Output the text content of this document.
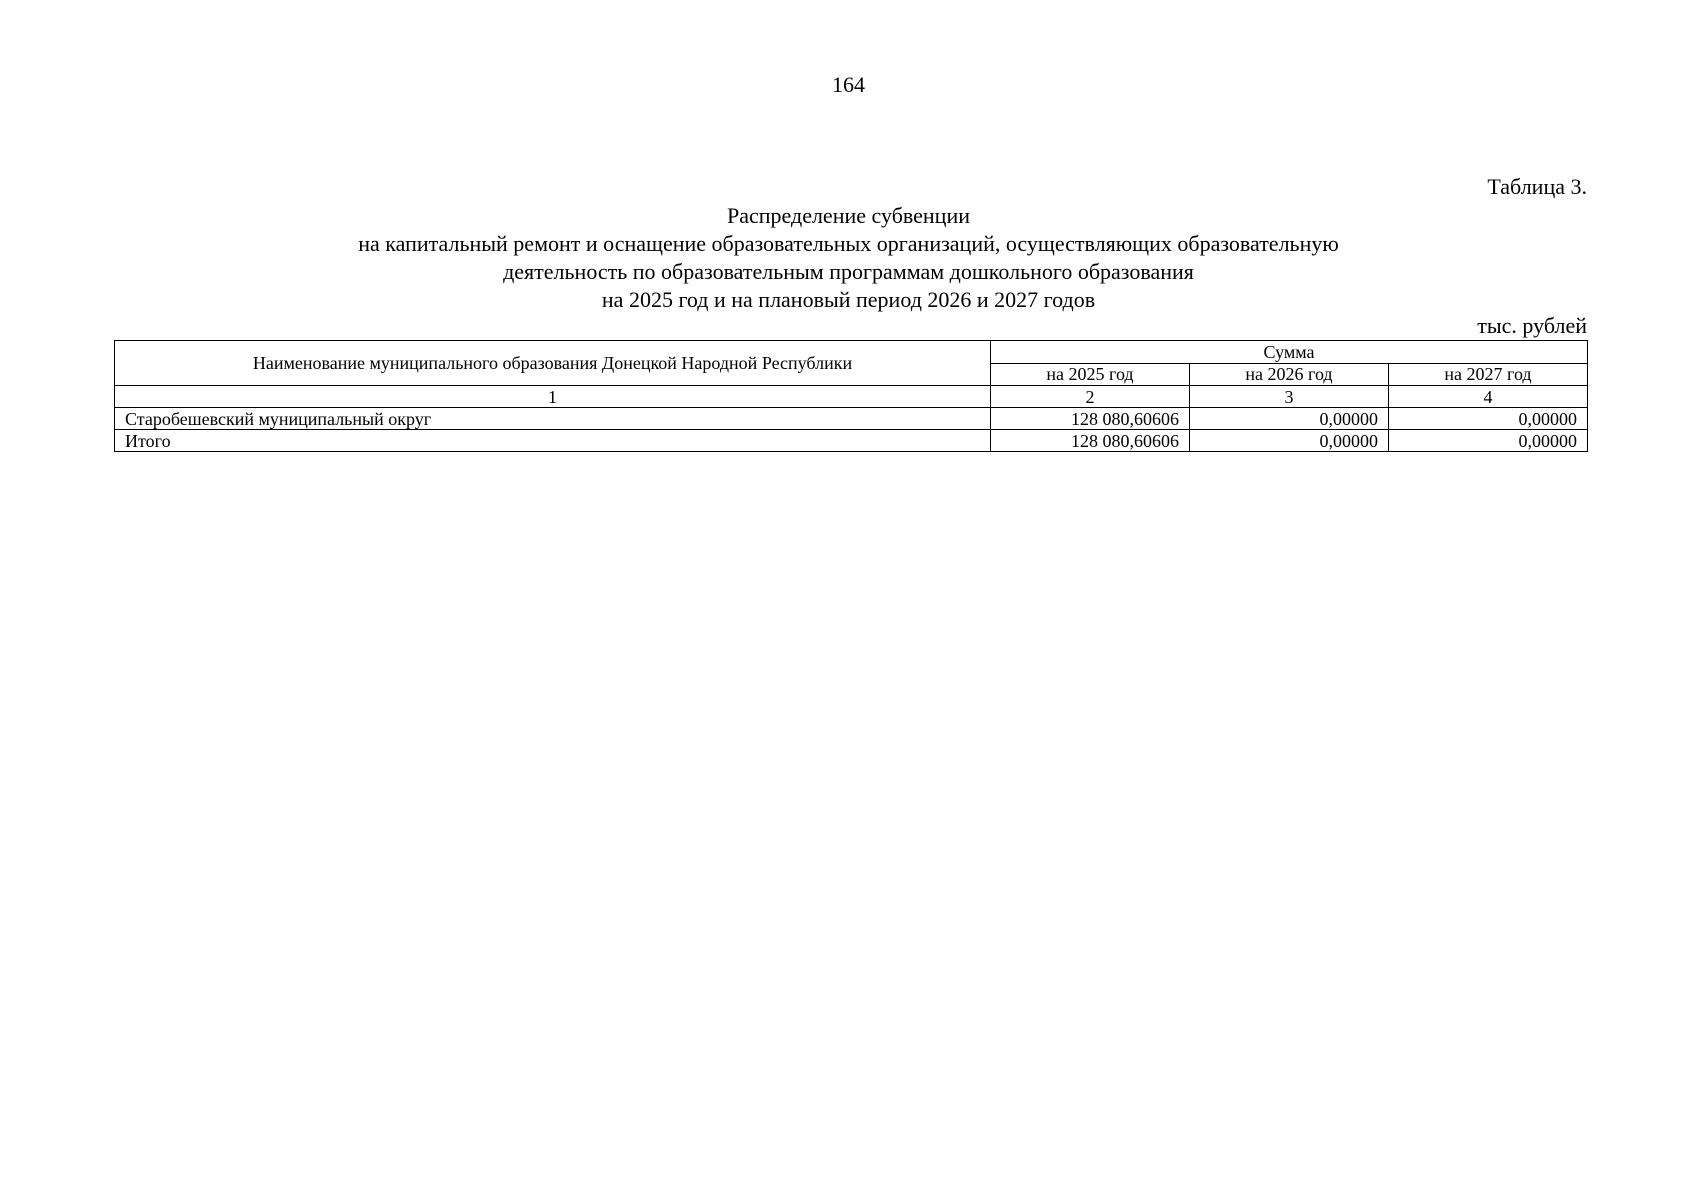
164
Таблица 3.
Распределение субвенции
на капитальный ремонт и оснащение образовательных организаций, осуществляющих образовательную
деятельность по образовательным программам дошкольного образования
на 2025 год и на плановый период 2026 и 2027 годов
тыс. рублей
Наименование муниципального образования Донецкой Народной Республики	Сумма		
	на 2025 год	на 2026 год	на 2027 год
1	2	3	4
Старобешевский муниципальный округ	128 080,60606	0,00000	0,00000
Итого	128 080,60606	0,00000	0,00000
